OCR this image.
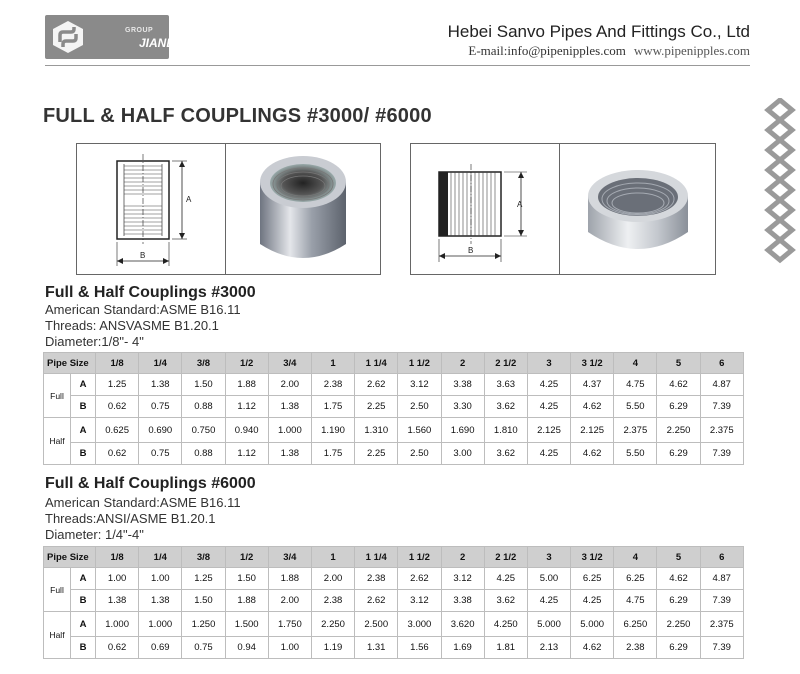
GROUP
JIANDA
Hebei Sanvo Pipes And Fittings Co., Ltd
E-mail:info@pipenipples.com www.pipenipples.com
FULL & HALF COUPLINGS #3000/ #6000
A
B
A
B
Full & Half Couplings #3000
American Standard:ASME B16.11
Threads: ANSVASME B1.20.1
Diameter:1/8"- 4"
Pipe Size		1/8	1/4	3/8	1/2	3/4	1	1 1/4	1 1/2	2	2 1/2	3	3 1/2	4	5	6
Full	A	1.25	1.38	1.50	1.88	2.00	2.38	2.62	3.12	3.38	3.63	4.25	4.37	4.75	4.62	4.87
	B	0.62	0.75	0.88	1.12	1.38	1.75	2.25	2.50	3.30	3.62	4.25	4.62	5.50	6.29	7.39
Half	A	0.625	0.690	0.750	0.940	1.000	1.190	1.310	1.560	1.690	1.810	2.125	2.125	2.375	2.250	2.375
	B	0.62	0.75	0.88	1.12	1.38	1.75	2.25	2.50	3.00	3.62	4.25	4.62	5.50	6.29	7.39
Full & Half Couplings #6000
American Standard:ASME B16.11
Threads:ANSI/ASME B1.20.1
Diameter: 1/4"-4"
Pipe Size		1/8	1/4	3/8	1/2	3/4	1	1 1/4	1 1/2	2	2 1/2	3	3 1/2	4	5	6
Full	A	1.00	1.00	1.25	1.50	1.88	2.00	2.38	2.62	3.12	4.25	5.00	6.25	6.25	4.62	4.87
	B	1.38	1.38	1.50	1.88	2.00	2.38	2.62	3.12	3.38	3.62	4.25	4.25	4.75	6.29	7.39
Half	A	1.000	1.000	1.250	1.500	1.750	2.250	2.500	3.000	3.620	4.250	5.000	5.000	6.250	2.250	2.375
	B	0.62	0.69	0.75	0.94	1.00	1.19	1.31	1.56	1.69	1.81	2.13	4.62	2.38	6.29	7.39
